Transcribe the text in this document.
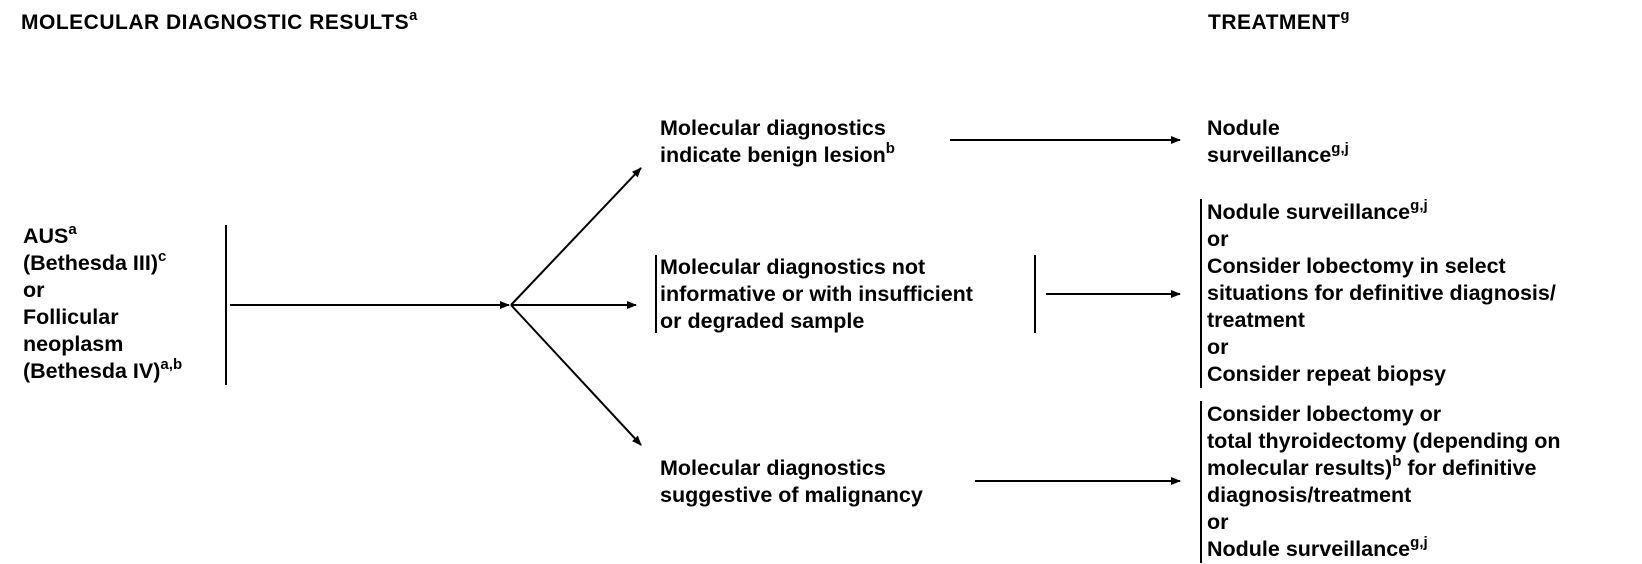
MOLECULAR DIAGNOSTIC RESULTS$^a$	TREATMENT$^g$
AUS$^a$
(Bethesda III)$^c$
or
Follicular
neoplasm
(Bethesda IV)$^{a,b}$
Molecular diagnostics
indicate benign lesion$^b$
Molecular diagnostics not
informative or with insufficient
or degraded sample
Molecular diagnostics
suggestive of malignancy
Nodule
surveillance$^{g,j}$
Nodule surveillance$^{g,j}$
or
Consider lobectomy in select
situations for definitive diagnosis/
treatment
or
Consider repeat biopsy
Consider lobectomy or
total thyroidectomy (depending on
molecular results)$^b$ for definitive
diagnosis/treatment
or
Nodule surveillance$^{g,j}$
